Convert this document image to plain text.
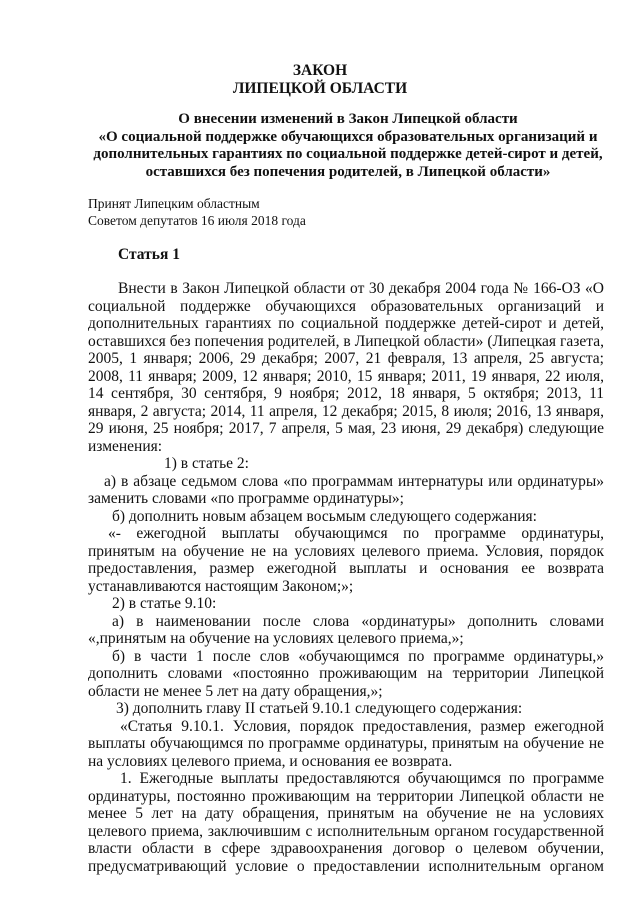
ЗАКОН

ЛИПЕЦКОЙ ОБЛАСТИ

О внесении изменений в Закон Липецкой области
«О социальной поддержке обучающихся образовательных организаций и
дополнительных гарантиях по социальной поддержке детей-сирот и детей,
оставшихся без попечения родителей, в Липецкой области»
Принят Липецким областным
Советом депутатов 16 июля 2018 года

Статья 1

Внести в Закон Липецкой области от 30 декабря 2004 года № 166-ОЗ «О социальной поддержке обучающихся образовательных организаций и дополнительных гарантиях по социальной поддержке детей-сирот и детей, оставшихся без попечения родителей, в Липецкой области» (Липецкая газета, 2005, 1 января; 2006, 29 декабря; 2007, 21 февраля, 13 апреля, 25 августа; 2008, 11 января; 2009, 12 января; 2010, 15 января; 2011, 19 января, 22 июля, 14 сентября, 30 сентября, 9 ноября; 2012, 18 января, 5 октября; 2013, 11 января, 2 августа; 2014, 11 апреля, 12 декабря; 2015, 8 июля; 2016, 13 января, 29 июня, 25 ноября; 2017, 7 апреля, 5 мая, 23 июня, 29 декабря) следующие изменения:

1) в статье 2:

а) в абзаце седьмом слова «по программам интернатуры или ординатуры» заменить словами «по программе ординатуры»;

б) дополнить новым абзацем восьмым следующего содержания:

«- ежегодной выплаты обучающимся по программе ординатуры, принятым на обучение не на условиях целевого приема. Условия, порядок предоставления, размер ежегодной выплаты и основания ее возврата устанавливаются настоящим Законом;»;

2) в статье 9.10:

а) в наименовании после слова «ординатуры» дополнить словами «,принятым на обучение на условиях целевого приема,»;

б) в части 1 после слов «обучающимся по программе ординатуры,» дополнить словами «постоянно проживающим на территории Липецкой области не менее 5 лет на дату обращения,»;

3) дополнить главу II статьей 9.10.1 следующего содержания:

«Статья 9.10.1. Условия, порядок предоставления, размер ежегодной выплаты обучающимся по программе ординатуры, принятым на обучение не на условиях целевого приема, и основания ее возврата.

1. Ежегодные выплаты предоставляются обучающимся по программе ординатуры, постоянно проживающим на территории Липецкой области не менее 5 лет на дату обращения, принятым на обучение не на условиях целевого приема, заключившим с исполнительным органом государственной власти области в сфере здравоохранения договор о целевом обучении, предусматривающий условие о предоставлении исполнительным органом
